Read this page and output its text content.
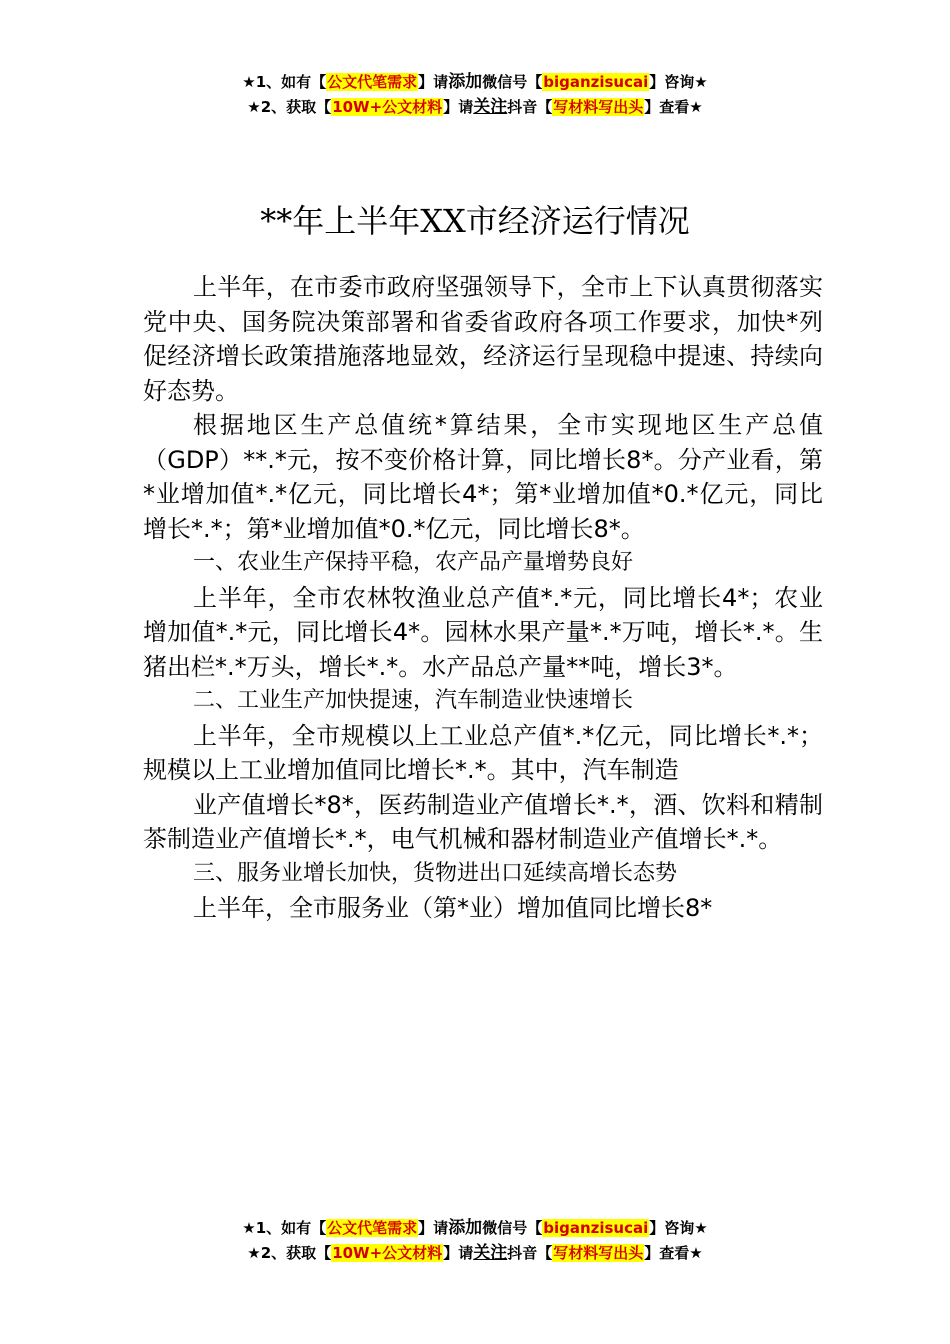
★1、如有【公文代笔需求】请添加微信号【biganzisucai】咨询★
★2、获取【10W+公文材料】请关注抖音【写材料写出头】查看★
**年上半年XX市经济运行情况

上半年，在市委市政府坚强领导下，全市上下认真贯彻落实党中央、国务院决策部署和省委省政府各项工作要求，加快*列促经济增长政策措施落地显效，经济运行呈现稳中提速、持续向好态势。

根据地区生产总值统*算结果，全市实现地区生产总值（GDP）**.*元，按不变价格计算，同比增长8*。分产业看，第*业增加值*.*亿元，同比增长4*；第*业增加值*0.*亿元，同比增长*.*；第*业增加值*0.*亿元，同比增长8*。

一、农业生产保持平稳，农产品产量增势良好

上半年，全市农林牧渔业总产值*.*元，同比增长4*；农业增加值*.*元，同比增长4*。园林水果产量*.*万吨，增长*.*。生猪出栏*.*万头，增长*.*。水产品总产量**吨，增长3*。

二、工业生产加快提速，汽车制造业快速增长

上半年，全市规模以上工业总产值*.*亿元，同比增长*.*；规模以上工业增加值同比增长*.*。其中，汽车制造

业产值增长*8*，医药制造业产值增长*.*，酒、饮料和精制茶制造业产值增长*.*，电气机械和器材制造业产值增长*.*。

三、服务业增长加快，货物进出口延续高增长态势

上半年，全市服务业（第*业）增加值同比增长8*

★1、如有【公文代笔需求】请添加微信号【biganzisucai】咨询★
★2、获取【10W+公文材料】请关注抖音【写材料写出头】查看★
